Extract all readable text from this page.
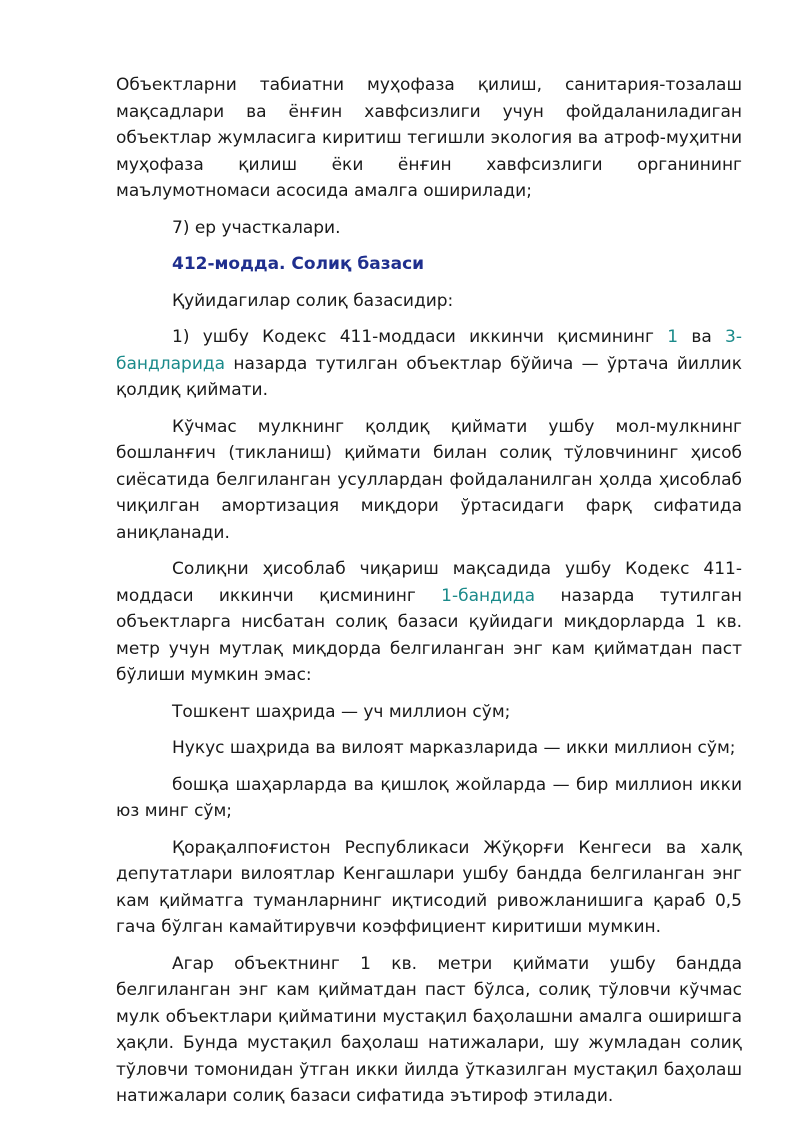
Объектларни табиатни муҳофаза қилиш, санитария-тозалаш мақсадлари ва ёнғин хавфсизлиги учун фойдаланиладиган объектлар жумласига киритиш тегишли экология ва атроф-муҳитни муҳофаза қилиш ёки ёнғин хавфсизлиги органининг маълумотномаси асосида амалга оширилади;

7) ер участкалари.

412-модда. Солиқ базаси

Қуйидагилар солиқ базасидир:

1) ушбу Кодекс 411-моддаси иккинчи қисмининг 1 ва 3-бандларида назарда тутилган объектлар бўйича — ўртача йиллик қолдиқ қиймати.

Кўчмас мулкнинг қолдиқ қиймати ушбу мол-мулкнинг бошланғич (тикланиш) қиймати билан солиқ тўловчининг ҳисоб сиёсатида белгиланган усуллардан фойдаланилган ҳолда ҳисоблаб чиқилган амортизация миқдори ўртасидаги фарқ сифатида аниқланади.

Солиқни ҳисоблаб чиқариш мақсадида ушбу Кодекс 411-моддаси иккинчи қисмининг 1-бандида назарда тутилган объектларга нисбатан солиқ базаси қуйидаги миқдорларда 1 кв. метр учун мутлақ миқдорда белгиланган энг кам қийматдан паст бўлиши мумкин эмас:

Тошкент шаҳрида — уч миллион сўм;

Нукус шаҳрида ва вилоят марказларида — икки миллион сўм;

бошқа шаҳарларда ва қишлоқ жойларда — бир миллион икки юз минг сўм;

Қорақалпоғистон Республикаси Жўқорғи Кенгеси ва халқ депутатлари вилоятлар Кенгашлари ушбу бандда белгиланган энг кам қийматга туманларнинг иқтисодий ривожланишига қараб 0,5 гача бўлган камайтирувчи коэффициент киритиши мумкин.

Агар объектнинг 1 кв. метри қиймати ушбу бандда белгиланган энг кам қийматдан паст бўлса, солиқ тўловчи кўчмас мулк объектлари қийматини мустақил баҳолашни амалга оширишга ҳақли. Бунда мустақил баҳолаш натижалари, шу жумладан солиқ тўловчи томонидан ўтган икки йилда ўтказилган мустақил баҳолаш натижалари солиқ базаси сифатида эътироф этилади.
